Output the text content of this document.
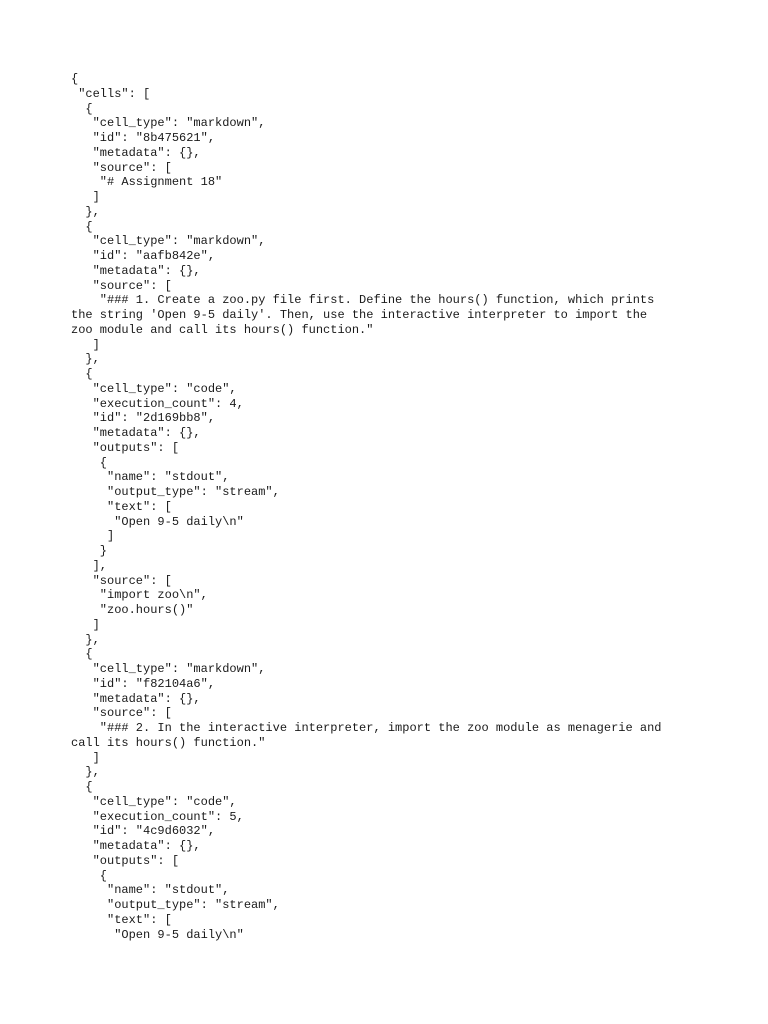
{
"cells": [
{
"cell_type": "markdown",
"id": "8b475621",
"metadata": {},
"source": [
"# Assignment 18"
]
},
{
"cell_type": "markdown",
"id": "aafb842e",
"metadata": {},
"source": [
"### 1. Create a zoo.py file first. Define the hours() function, which prints
the string 'Open 9-5 daily'. Then, use the interactive interpreter to import the
zoo module and call its hours() function."
]
},
{
"cell_type": "code",
"execution_count": 4,
"id": "2d169bb8",
"metadata": {},
"outputs": [
{
"name": "stdout",
"output_type": "stream",
"text": [
"Open 9-5 daily\n"
]
}
],
"source": [
"import zoo\n",
"zoo.hours()"
]
},
{
"cell_type": "markdown",
"id": "f82104a6",
"metadata": {},
"source": [
"### 2. In the interactive interpreter, import the zoo module as menagerie and
call its hours() function."
]
},
{
"cell_type": "code",
"execution_count": 5,
"id": "4c9d6032",
"metadata": {},
"outputs": [
{
"name": "stdout",
"output_type": "stream",
"text": [
"Open 9-5 daily\n"
